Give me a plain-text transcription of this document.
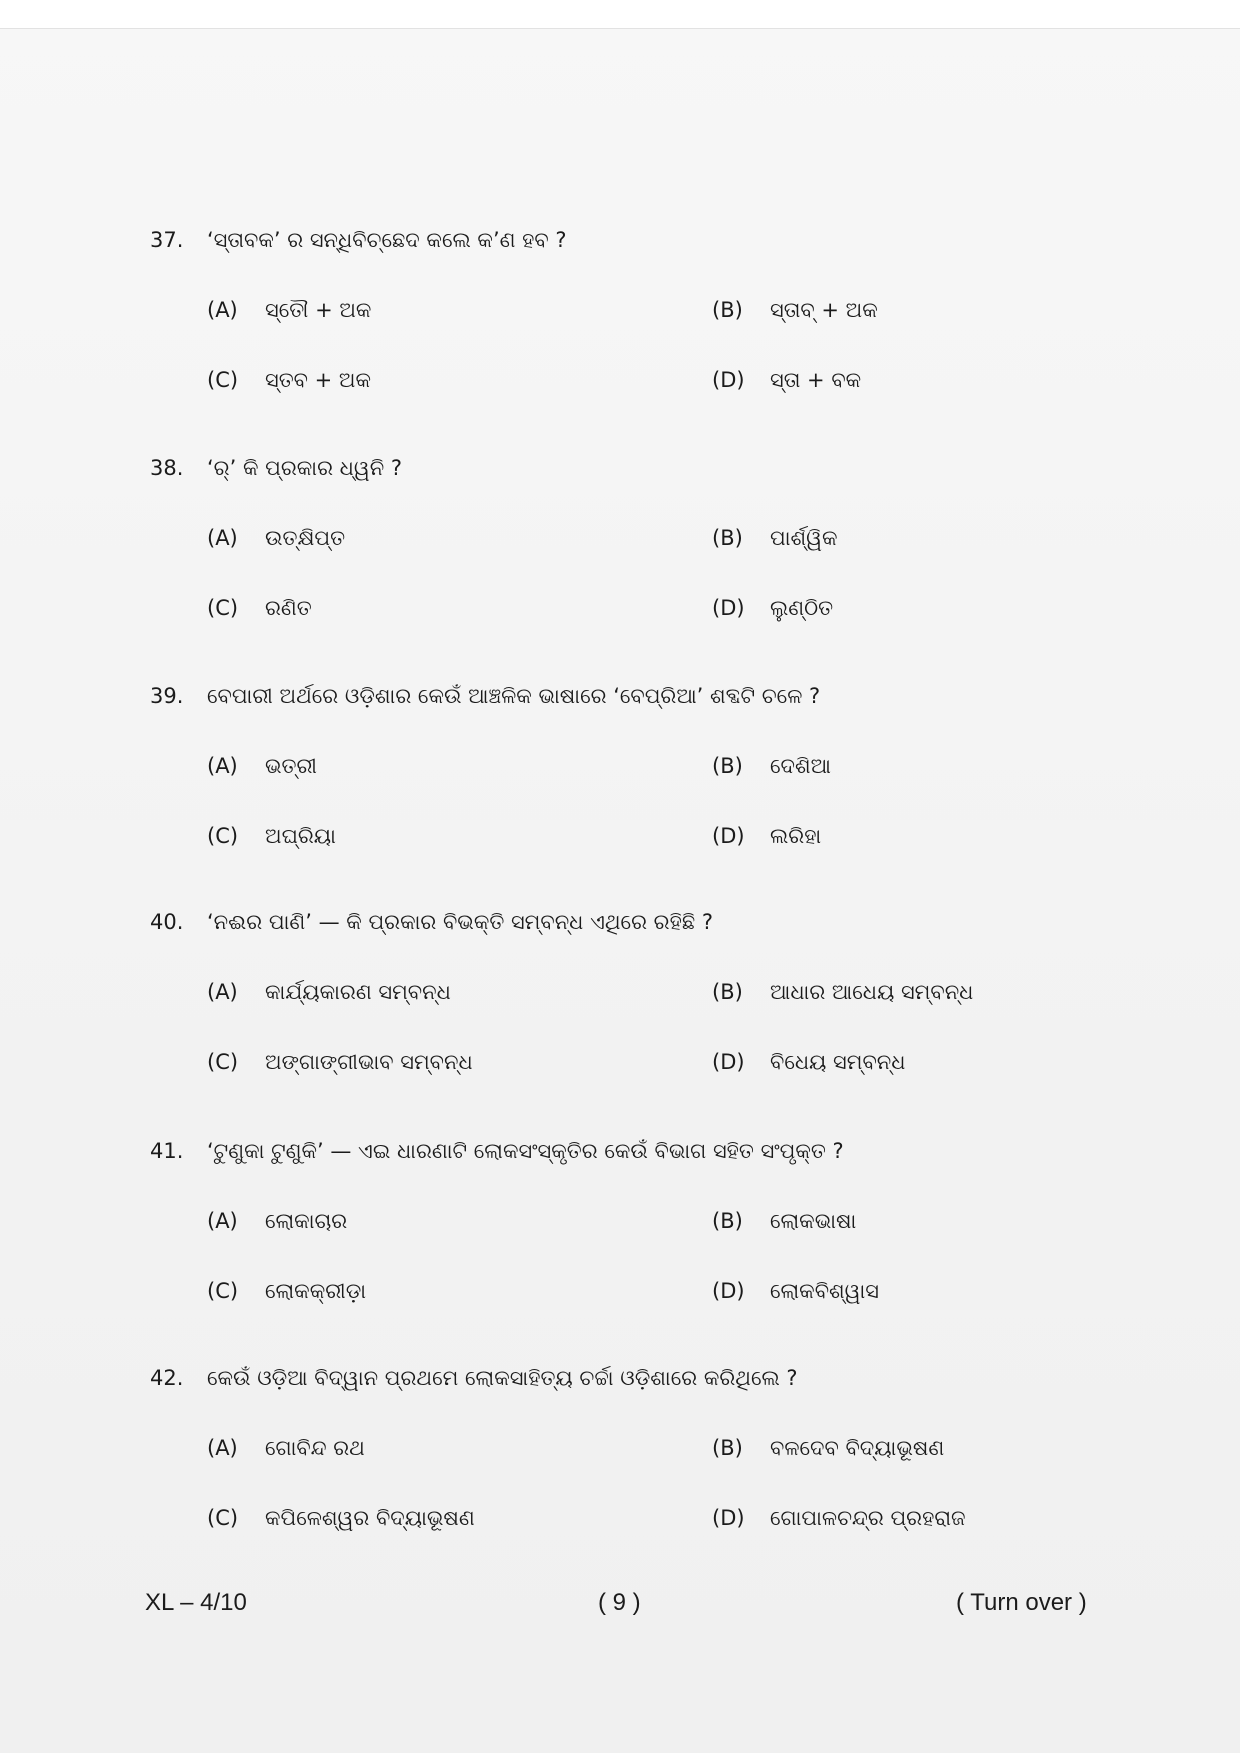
37. ‘ସ୍ତାବକ’ ର ସନ୍ଧିବିଚ୍ଛେଦ କଲେ କ’ଣ ହବ ?
(A) ସ୍ତୌ + ଅକ	(B) ସ୍ତାବ୍ + ଅକ
(C) ସ୍ତବ + ଅକ	(D) ସ୍ତା + ବକ
38. ‘ର୍’ କି ପ୍ରକାର ଧ୍ୱନି ?
(A) ଉତ୍କ୍ଷିପ୍ତ	(B) ପାର୍ଶ୍ୱିକ
(C) ରଣିତ	(D) ଲୁଣ୍ଠିତ
39. ବେପାରୀ ଅର୍ଥରେ ଓଡ଼ିଶାର କେଉଁ ଆଞ୍ଚଳିକ ଭାଷାରେ ‘ବେପ୍ରିଆ’ ଶବ୍ଦଟି ଚଳେ ?
(A) ଭତ୍ରୀ	(B) ଦେଶିଆ
(C) ଅଘ୍ରିୟା	(D) ଲରିହା
40. ‘ନଈର ପାଣି’ — କି ପ୍ରକାର ବିଭକ୍ତି ସମ୍ବନ୍ଧ ଏଥିରେ ରହିଛି ?
(A) କାର୍ଯ୍ୟକାରଣ ସମ୍ବନ୍ଧ	(B) ଆଧାର ଆଧେୟ ସମ୍ବନ୍ଧ
(C) ଅଙ୍ଗାଙ୍ଗୀଭାବ ସମ୍ବନ୍ଧ	(D) ବିଧେୟ ସମ୍ବନ୍ଧ
41. ‘ଟୁଣୁକା ଟୁଣୁକି’ — ଏଇ ଧାରଣାଟି ଲୋକସଂସ୍କୃତିର କେଉଁ ବିଭାଗ ସହିତ ସଂପୃକ୍ତ ?
(A) ଲୋକାଚାର	(B) ଲୋକଭାଷା
(C) ଲୋକକ୍ରୀଡ଼ା	(D) ଲୋକବିଶ୍ୱାସ
42. କେଉଁ ଓଡ଼ିଆ ବିଦ୍ୱାନ ପ୍ରଥମେ ଲୋକସାହିତ୍ୟ ଚର୍ଚ୍ଚା ଓଡ଼ିଶାରେ କରିଥିଲେ ?
(A) ଗୋବିନ୍ଦ ରଥ	(B) ବଳଦେବ ବିଦ୍ୟାଭୂଷଣ
(C) କପିଳେଶ୍ୱର ବିଦ୍ୟାଭୂଷଣ	(D) ଗୋପାଳଚନ୍ଦ୍ର ପ୍ରହରାଜ
XL – 4/10	( 9 )	( Turn over )
